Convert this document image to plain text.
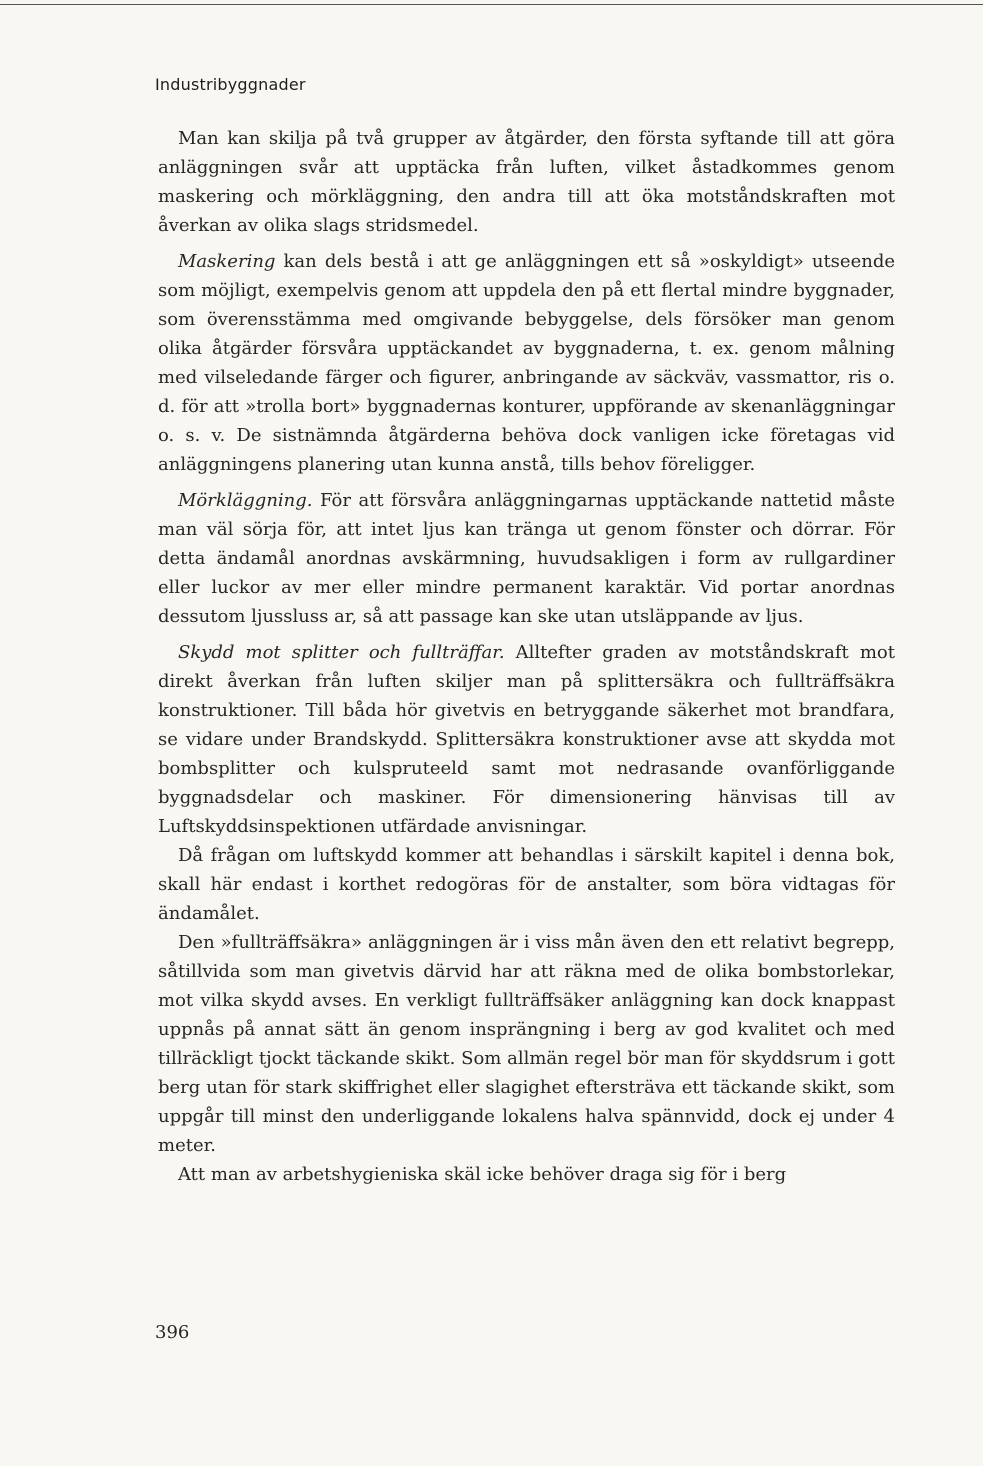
Industribyggnader

Man kan skilja på två grupper av åtgärder, den första syftande till att göra anläggningen svår att upptäcka från luften, vilket åstadkommes genom maskering och mörkläggning, den andra till att öka motståndskraften mot åverkan av olika slags stridsmedel.

Maskering kan dels bestå i att ge anläggningen ett så »oskyldigt» utseende som möjligt, exempelvis genom att uppdela den på ett flertal mindre byggnader, som överensstämma med omgivande bebyggelse, dels försöker man genom olika åtgärder försvåra upptäckandet av byggnaderna, t. ex. genom målning med vilseledande färger och figurer, anbringande av säckväv, vassmattor, ris o. d. för att »trolla bort» byggnadernas konturer, uppförande av skenanläggningar o. s. v. De sistnämnda åtgärderna behöva dock vanligen icke företagas vid anläggningens planering utan kunna anstå, tills behov föreligger.

Mörkläggning. För att försvåra anläggningarnas upptäckande nattetid måste man väl sörja för, att intet ljus kan tränga ut genom fönster och dörrar. För detta ändamål anordnas avskärmning, huvudsakligen i form av rullgardiner eller luckor av mer eller mindre permanent karaktär. Vid portar anordnas dessutom ljussluss ar, så att passage kan ske utan utsläppande av ljus.

Skydd mot splitter och fullträffar. Alltefter graden av motståndskraft mot direkt åverkan från luften skiljer man på splittersäkra och fullträffsäkra konstruktioner. Till båda hör givetvis en betryggande säkerhet mot brandfara, se vidare under Brandskydd. Splittersäkra konstruktioner avse att skydda mot bombsplitter och kulspruteeld samt mot nedrasande ovanförliggande byggnadsdelar och maskiner. För dimensionering hänvisas till av Luftskyddsinspektionen utfärdade anvisningar.

Då frågan om luftskydd kommer att behandlas i särskilt kapitel i denna bok, skall här endast i korthet redogöras för de anstalter, som böra vidtagas för ändamålet.

Den »fullträffsäkra» anläggningen är i viss mån även den ett relativt begrepp, såtillvida som man givetvis därvid har att räkna med de olika bombstorlekar, mot vilka skydd avses. En verkligt fullträffsäker anläggning kan dock knappast uppnås på annat sätt än genom insprängning i berg av god kvalitet och med tillräckligt tjockt täckande skikt. Som allmän regel bör man för skyddsrum i gott berg utan för stark skiffrighet eller slagighet eftersträva ett täckande skikt, som uppgår till minst den underliggande lokalens halva spännvidd, dock ej under 4 meter.

Att man av arbetshygieniska skäl icke behöver draga sig för i berg

396
